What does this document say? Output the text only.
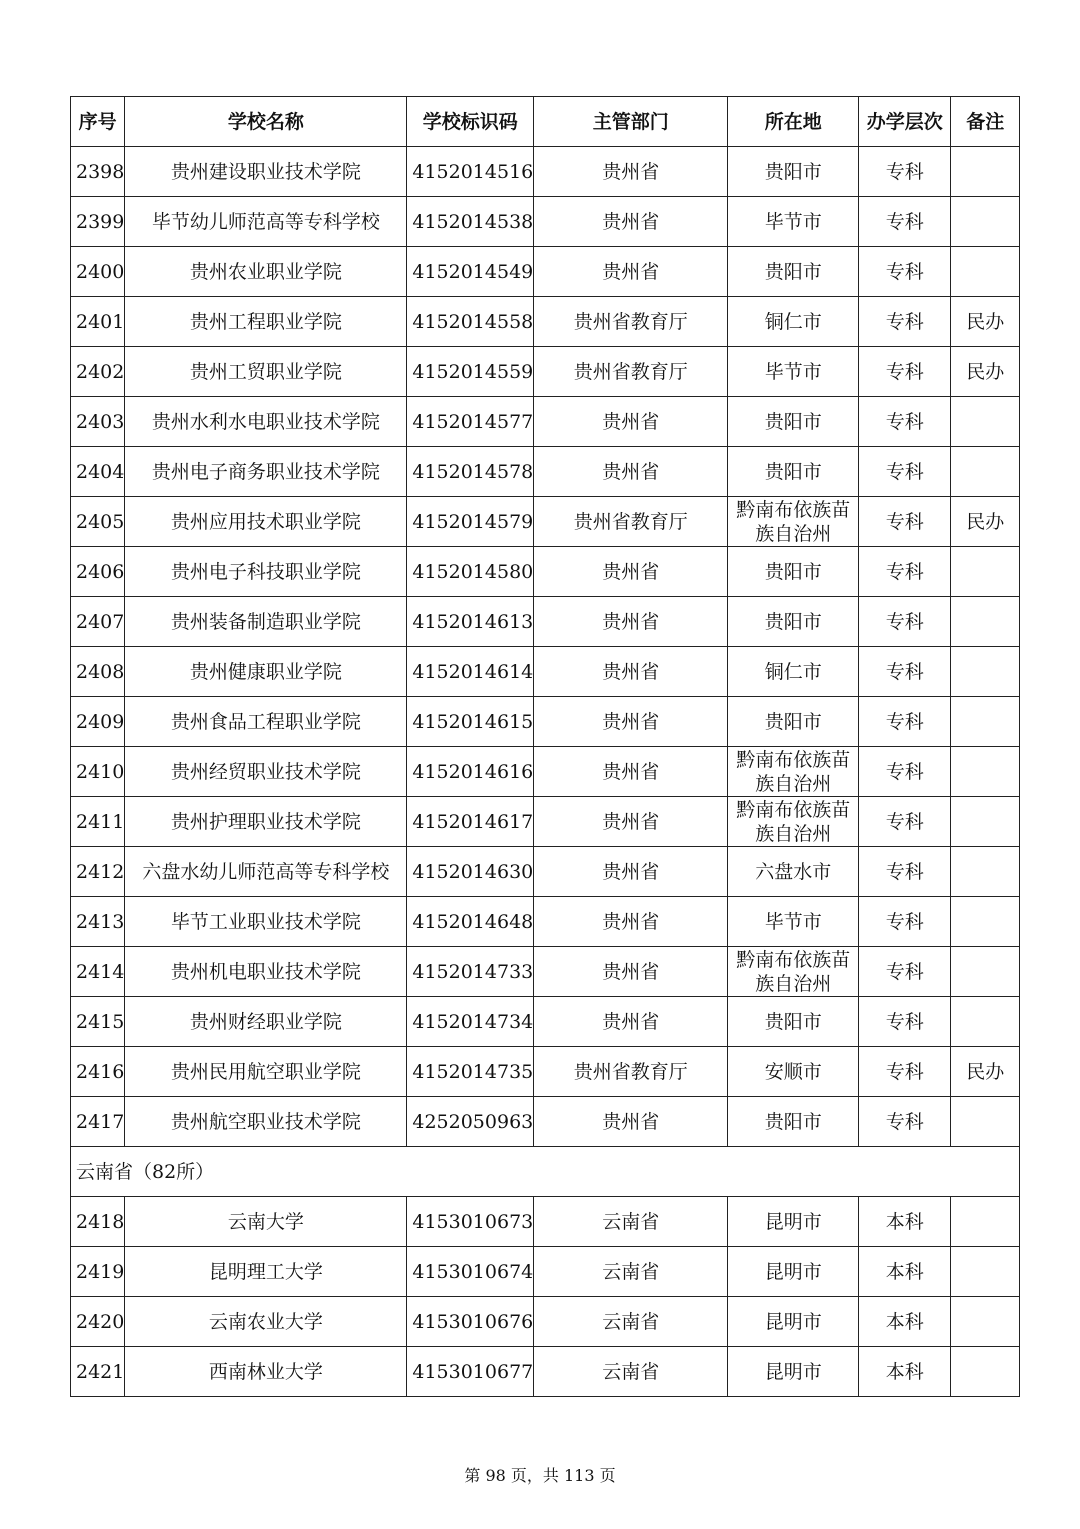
序号	学校名称	学校标识码	主管部门	所在地	办学层次	备注
2398	贵州建设职业技术学院	4152014516	贵州省	贵阳市	专科	
2399	毕节幼儿师范高等专科学校	4152014538	贵州省	毕节市	专科	
2400	贵州农业职业学院	4152014549	贵州省	贵阳市	专科	
2401	贵州工程职业学院	4152014558	贵州省教育厅	铜仁市	专科	民办
2402	贵州工贸职业学院	4152014559	贵州省教育厅	毕节市	专科	民办
2403	贵州水利水电职业技术学院	4152014577	贵州省	贵阳市	专科	
2404	贵州电子商务职业技术学院	4152014578	贵州省	贵阳市	专科	
2405	贵州应用技术职业学院	4152014579	贵州省教育厅	黔南布依族苗族自治州	专科	民办
2406	贵州电子科技职业学院	4152014580	贵州省	贵阳市	专科	
2407	贵州装备制造职业学院	4152014613	贵州省	贵阳市	专科	
2408	贵州健康职业学院	4152014614	贵州省	铜仁市	专科	
2409	贵州食品工程职业学院	4152014615	贵州省	贵阳市	专科	
2410	贵州经贸职业技术学院	4152014616	贵州省	黔南布依族苗族自治州	专科	
2411	贵州护理职业技术学院	4152014617	贵州省	黔南布依族苗族自治州	专科	
2412	六盘水幼儿师范高等专科学校	4152014630	贵州省	六盘水市	专科	
2413	毕节工业职业技术学院	4152014648	贵州省	毕节市	专科	
2414	贵州机电职业技术学院	4152014733	贵州省	黔南布依族苗族自治州	专科	
2415	贵州财经职业学院	4152014734	贵州省	贵阳市	专科	
2416	贵州民用航空职业学院	4152014735	贵州省教育厅	安顺市	专科	民办
2417	贵州航空职业技术学院	4252050963	贵州省	贵阳市	专科	
云南省（82所）						
2418	云南大学	4153010673	云南省	昆明市	本科	
2419	昆明理工大学	4153010674	云南省	昆明市	本科	
2420	云南农业大学	4153010676	云南省	昆明市	本科	
2421	西南林业大学	4153010677	云南省	昆明市	本科	
第 98 页，共 113 页
